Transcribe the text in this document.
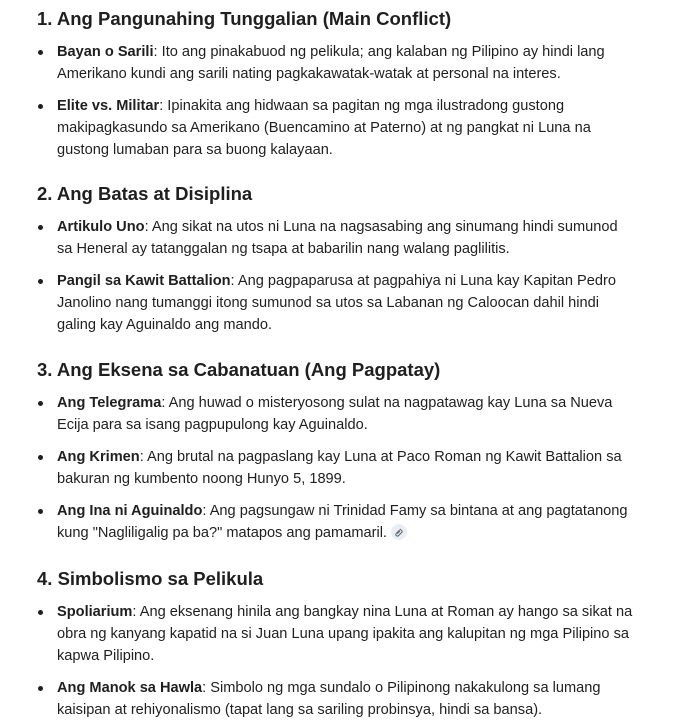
1. Ang Pangunahing Tunggalian (Main Conflict)
Bayan o Sarili: Ito ang pinakabuod ng pelikula; ang kalaban ng Pilipino ay hindi lang Amerikano kundi ang sarili nating pagkakawatak-watak at personal na interes.
Elite vs. Militar: Ipinakita ang hidwaan sa pagitan ng mga ilustradong gustong makipagkasundo sa Amerikano (Buencamino at Paterno) at ng pangkat ni Luna na gustong lumaban para sa buong kalayaan.
2. Ang Batas at Disiplina
Artikulo Uno: Ang sikat na utos ni Luna na nagsasabing ang sinumang hindi sumunod sa Heneral ay tatanggalan ng tsapa at babarilin nang walang paglilitis.
Pangil sa Kawit Battalion: Ang pagpaparusa at pagpahiya ni Luna kay Kapitan Pedro Janolino nang tumanggi itong sumunod sa utos sa Labanan ng Caloocan dahil hindi galing kay Aguinaldo ang mando.
3. Ang Eksena sa Cabanatuan (Ang Pagpatay)
Ang Telegrama: Ang huwad o misteryosong sulat na nagpatawag kay Luna sa Nueva Ecija para sa isang pagpupulong kay Aguinaldo.
Ang Krimen: Ang brutal na pagpaslang kay Luna at Paco Roman ng Kawit Battalion sa bakuran ng kumbento noong Hunyo 5, 1899.
Ang Ina ni Aguinaldo: Ang pagsungaw ni Trinidad Famy sa bintana at ang pagtatanong kung "Nagliligalig pa ba?" matapos ang pamamaril.
4. Simbolismo sa Pelikula
Spoliarium: Ang eksenang hinila ang bangkay nina Luna at Roman ay hango sa sikat na obra ng kanyang kapatid na si Juan Luna upang ipakita ang kalupitan ng mga Pilipino sa kapwa Pilipino.
Ang Manok sa Hawla: Simbolo ng mga sundalo o Pilipinong nakakulong sa lumang kaisipan at rehiyonalismo (tapat lang sa sariling probinsya, hindi sa bansa).
